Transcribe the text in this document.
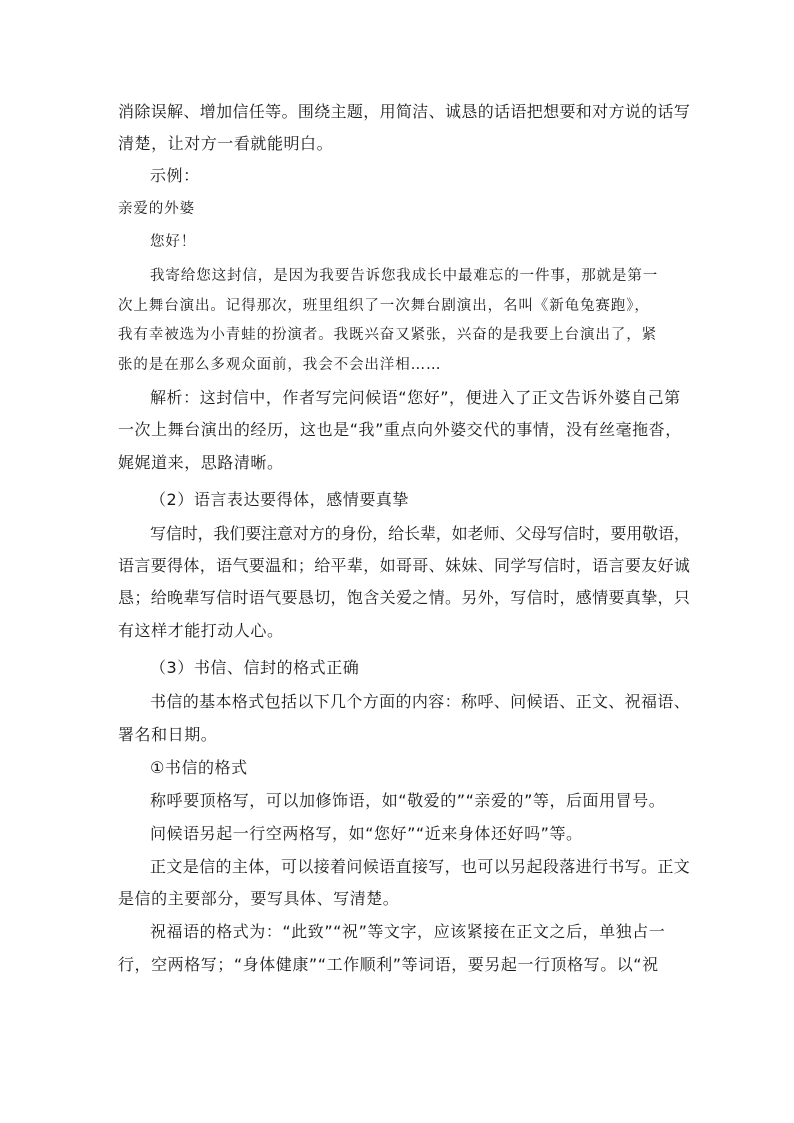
消除误解、增加信任等。围绕主题，用简洁、诚恳的话语把想要和对方说的话写
清楚，让对方一看就能明白。
示例：
亲爱的外婆
您好！
我寄给您这封信，是因为我要告诉您我成长中最难忘的一件事，那就是第一
次上舞台演出。记得那次，班里组织了一次舞台剧演出，名叫《新龟兔赛跑》，
我有幸被选为小青蛙的扮演者。我既兴奋又紧张，兴奋的是我要上台演出了，紧
张的是在那么多观众面前，我会不会出洋相……
解析：这封信中，作者写完问候语“您好”，便进入了正文告诉外婆自己第
一次上舞台演出的经历，这也是“我”重点向外婆交代的事情，没有丝毫拖沓，
娓娓道来，思路清晰。
（2）语言表达要得体，感情要真挚
写信时，我们要注意对方的身份，给长辈，如老师、父母写信时，要用敬语，
语言要得体，语气要温和；给平辈，如哥哥、妹妹、同学写信时，语言要友好诚
恳；给晚辈写信时语气要恳切，饱含关爱之情。另外，写信时，感情要真挚，只
有这样才能打动人心。
（3）书信、信封的格式正确
书信的基本格式包括以下几个方面的内容：称呼、问候语、正文、祝福语、
署名和日期。
①书信的格式
称呼要顶格写，可以加修饰语，如“敬爱的”“亲爱的”等，后面用冒号。
问候语另起一行空两格写，如“您好”“近来身体还好吗”等。
正文是信的主体，可以接着问候语直接写，也可以另起段落进行书写。正文
是信的主要部分，要写具体、写清楚。
祝福语的格式为：“此致”“祝”等文字，应该紧接在正文之后，单独占一
行，空两格写；“身体健康”“工作顺利”等词语，要另起一行顶格写。以“祝
